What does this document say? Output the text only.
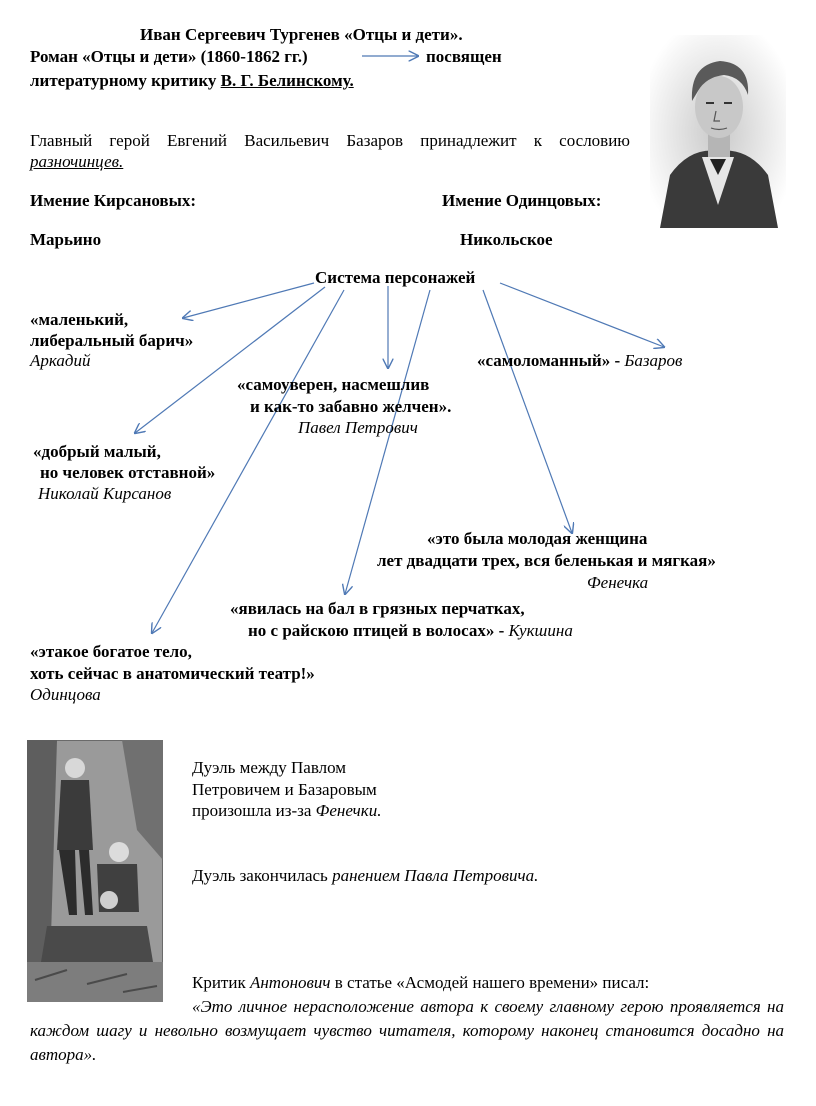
Иван Сергеевич Тургенев «Отцы и дети».
Роман «Отцы и дети» (1860-1862 гг.)	посвящен
литературному критику В. Г. Белинскому.
Главный герой Евгений Васильевич Базаров принадлежит к сословию
разночинцев.
Имение Кирсановых:	Имение Одинцовых:
Марьино	Никольское
Система персонажей
«маленький,
либеральный барич»
Аркадий	«самоломанный» - Базаров
«самоуверен, насмешлив
и как-то забавно желчен».
Павел Петрович
«добрый малый,
но человек отставной»
Николай Кирсанов
«это была молодая женщина
лет двадцати трех, вся беленькая и мягкая»
Фенечка
«явилась на бал в грязных перчатках,
но с райскою птицей в волосах» - Кукшина
«этакое богатое тело,
хоть сейчас в анатомический театр!»
Одинцова
Дуэль между Павлом
Петровичем и Базаровым
произошла из-за Фенечки.
Дуэль закончилась ранением Павла Петровича.
Критик Антонович в статье «Асмодей нашего времени» писал:
«Это личное нерасположение автора к своему главному герою проявляется на каждом шагу и невольно возмущает чувство читателя, которому наконец становится досадно на автора».
